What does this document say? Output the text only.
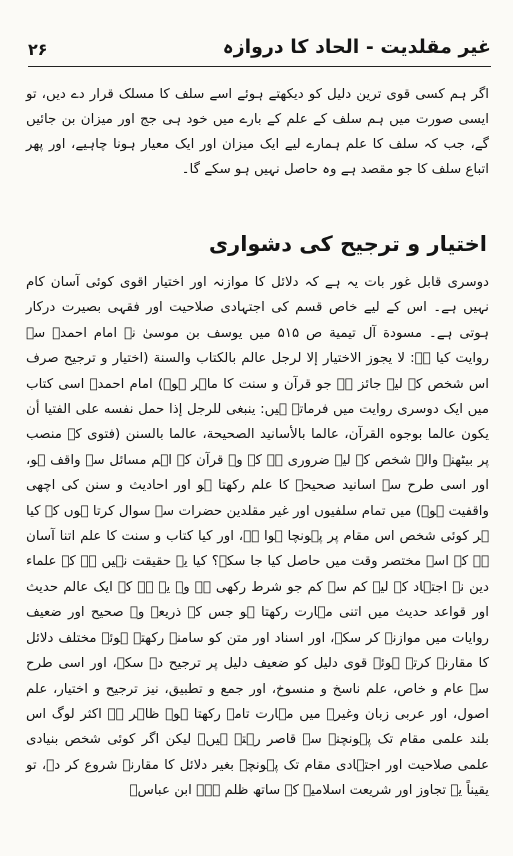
۲۶	غیر مقلدیت - الحاد کا دروازہ

اگر ہم کسی قوی ترین دلیل کو دیکھتے ہوئے اسے سلف کا مسلک قرار دے دیں، تو ایسی صورت میں ہم سلف کے علم کے بارے میں خود ہی جج اور میزان بن جائیں گے، جب کہ سلف کا علم ہمارے لیے ایک میزان اور ایک معیار ہونا چاہیے، اور پھر اتباع سلف کا جو مقصد ہے وہ حاصل نہیں ہو سکے گا۔

اختیار و ترجیح کی دشواری

دوسری قابل غور بات یہ ہے کہ دلائل کا موازنہ اور اختیار اقوی کوئی آسان کام نہیں ہے۔ اس کے لیے خاص قسم کی اجتہادی صلاحیت اور فقہی بصیرت درکار ہوتی ہے۔ مسودة آل تیمیة ص ۵۱۵ میں یوسف بن موسیٰ نے امام احمدؒ سے روایت کیا ہے: لا یجوز الاختیار إلا لرجل عالم بالکتاب والسنة (اختیار و ترجیح صرف اس شخص کے لیے جائز ہے جو قرآن و سنت کا ماہر ہو۔) امام احمدؒ اسی کتاب میں ایک دوسری روایت میں فرماتے ہیں: ینبغی للرجل إذا حمل نفسه علی الفتیا أن یکون عالما بوجوه القرآن، عالما بالأسانید الصحیحة، عالما بالسنن (فتوی کے منصب پر بیٹھنے والے شخص کے لیے ضروری ہے کہ وہ قرآن کے اہم مسائل سے واقف ہو، اور اسی طرح سے اسانید صحیحہ کا علم رکھتا ہو اور احادیث و سنن کی اچھی واقفیت ہو۔) میں تمام سلفیوں اور غیر مقلدین حضرات سے سوال کرتا ہوں کہ کیا ہر کوئی شخص اس مقام پر پہونچا ہوا ہے، اور کیا کتاب و سنت کا علم اتنا آسان ہے کہ اسے مختصر وقت میں حاصل کیا جا سکے؟ کیا یہ حقیقت نہیں ہے کہ علماء دین نے اجتہاد کے لیے کم سے کم جو شرط رکھی ہے وہ یہ ہے کہ ایک عالم حدیث اور قواعد حدیث میں اتنی مہارت رکھتا ہو جس کے ذریعہ وہ صحیح اور ضعیف روایات میں موازنہ کر سکے، اور اسناد اور متن کو سامنے رکھتے ہوئے مختلف دلائل کا مقارنہ کرتے ہوئے قوی دلیل کو ضعیف دلیل پر ترجیح دے سکے، اور اسی طرح سے عام و خاص، علم ناسخ و منسوخ، اور جمع و تطبیق، نیز ترجیح و اختیار، علم اصول، اور عربی زبان وغیرہ میں مہارت تامہ رکھتا ہو۔ ظاہر ہے اکثر لوگ اس بلند علمی مقام تک پہونچنے سے قاصر رہتے ہیں۔ لیکن اگر کوئی شخص بنیادی علمی صلاحیت اور اجتہادی مقام تک پہونچے بغیر دلائل کا مقارنہ شروع کر دے، تو یقیناً یہ تجاوز اور شریعت اسلامیہ کے ساتھ ظلم ہے۔ ابن عباسؓ
